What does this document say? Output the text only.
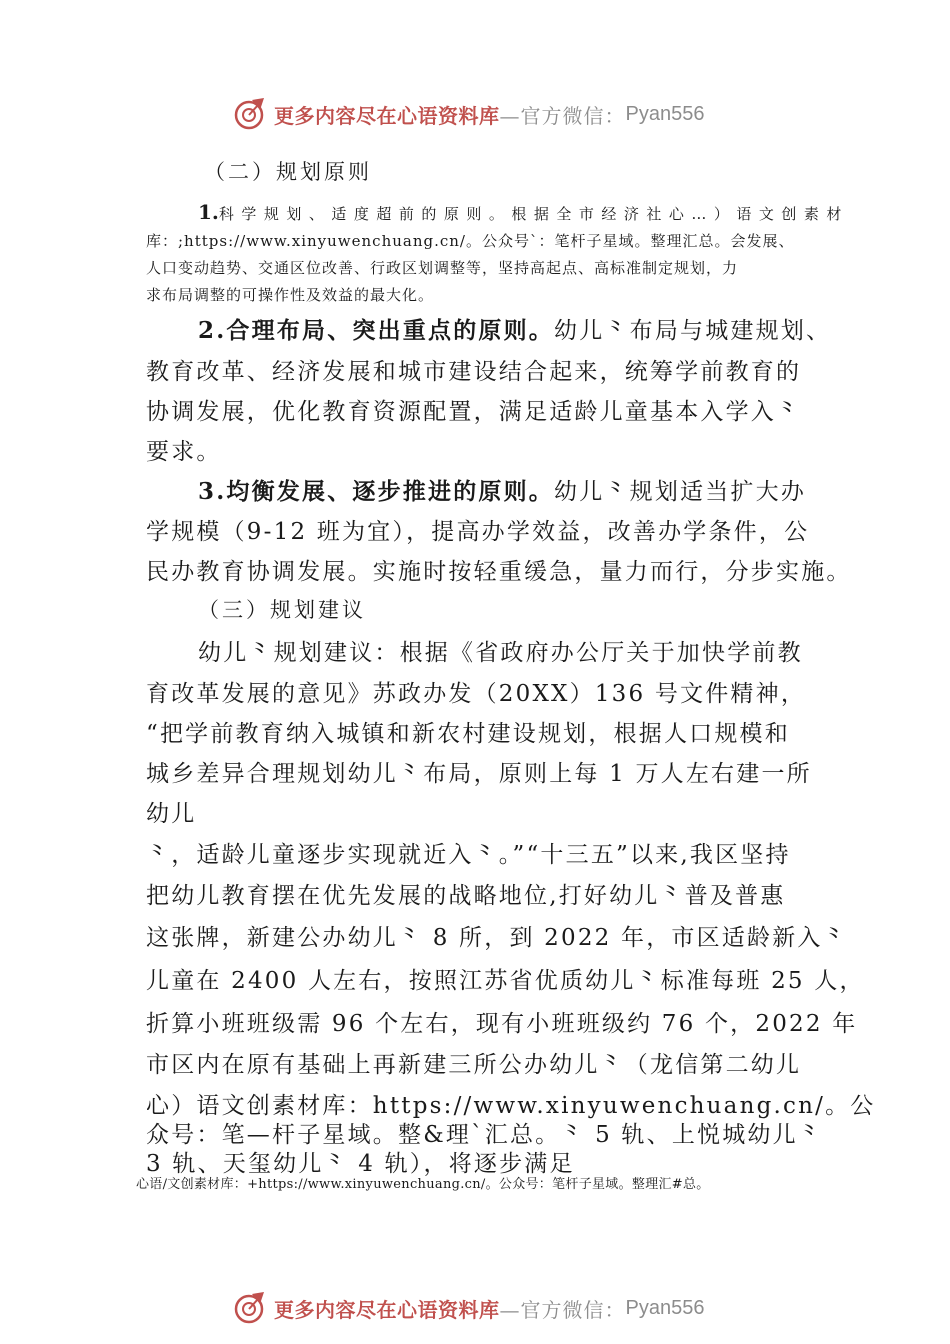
更多内容尽在心语资料库 —官方微信： Pyan556
（二）规划原则
1.科学规划、适度超前的原则。根据全市经济社心…）语文创素材
库：;https://www.xinyuwenchuang.cn/。公众号`：笔杆子星域。整理汇总。会发展、
人口变动趋势、交通区位改善、行政区划调整等，坚持高起点、高标准制定规划，力
求布局调整的可操作性及效益的最大化。
2.合理布局、突出重点的原则。幼儿⺀布局与城建规划、
教育改革、经济发展和城市建设结合起来，统筹学前教育的
协调发展，优化教育资源配置，满足适龄儿童基本入学入⺀
要求。
3.均衡发展、逐步推进的原则。幼儿⺀规划适当扩大办
学规模（9-12 班为宜），提高办学效益，改善办学条件，公
民办教育协调发展。实施时按轻重缓急，量力而行，分步实施。
（三）规划建议
幼儿⺀规划建议：根据《省政府办公厅关于加快学前教
育改革发展的意见》苏政办发（20XX）136 号文件精神，
“把学前教育纳入城镇和新农村建设规划，根据人口规模和
城乡差异合理规划幼儿⺀布局，原则上每 1 万人左右建一所
幼儿
⺀，适龄儿童逐步实现就近入⺀。”“十三五”以来,我区坚持
把幼儿教育摆在优先发展的战略地位,打好幼儿⺀普及普惠
这张牌，新建公办幼儿⺀ 8 所，到 2022 年，市区适龄新入⺀
儿童在 2400 人左右，按照江苏省优质幼儿⺀标准每班 25 人，
折算小班班级需 96 个左右，现有小班班级约 76 个，2022 年
市区内在原有基础上再新建三所公办幼儿⺀（龙信第二幼儿
心）语文创素材库：https://www.xinyuwenchuang.cn/。公
众号：笔—杆子星域。整&理`汇总。⺀ 5 轨、上悦城幼儿⺀
3 轨、天玺幼儿⺀ 4 轨），将逐步满足
心语/文创素材库：+https://www.xinyuwenchuang.cn/。公众号：笔杆子星域。整理汇#总。
更多内容尽在心语资料库 —官方微信： Pyan556
